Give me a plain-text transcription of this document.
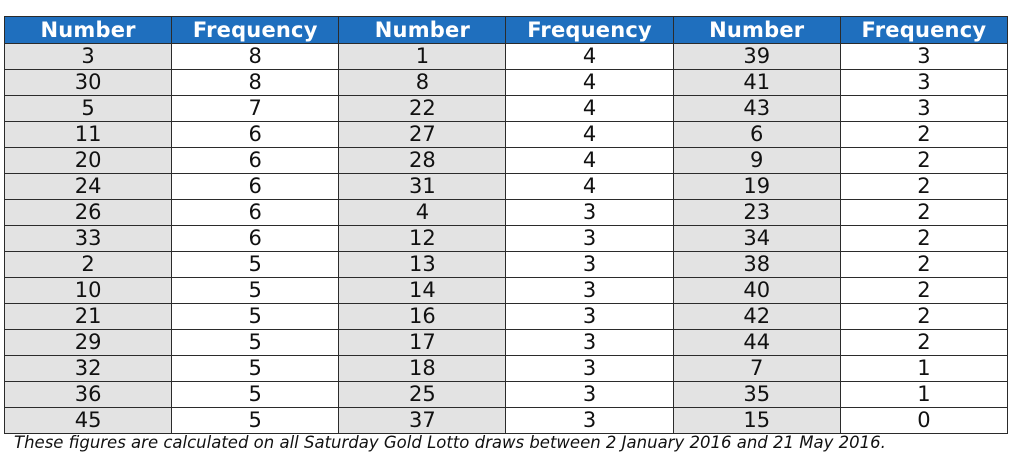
Number	Frequency	Number	Frequency	Number	Frequency
3	8	1	4	39	3
30	8	8	4	41	3
5	7	22	4	43	3
11	6	27	4	6	2
20	6	28	4	9	2
24	6	31	4	19	2
26	6	4	3	23	2
33	6	12	3	34	2
2	5	13	3	38	2
10	5	14	3	40	2
21	5	16	3	42	2
29	5	17	3	44	2
32	5	18	3	7	1
36	5	25	3	35	1
45	5	37	3	15	0
These figures are calculated on all Saturday Gold Lotto draws between 2 January 2016 and 21 May 2016.
